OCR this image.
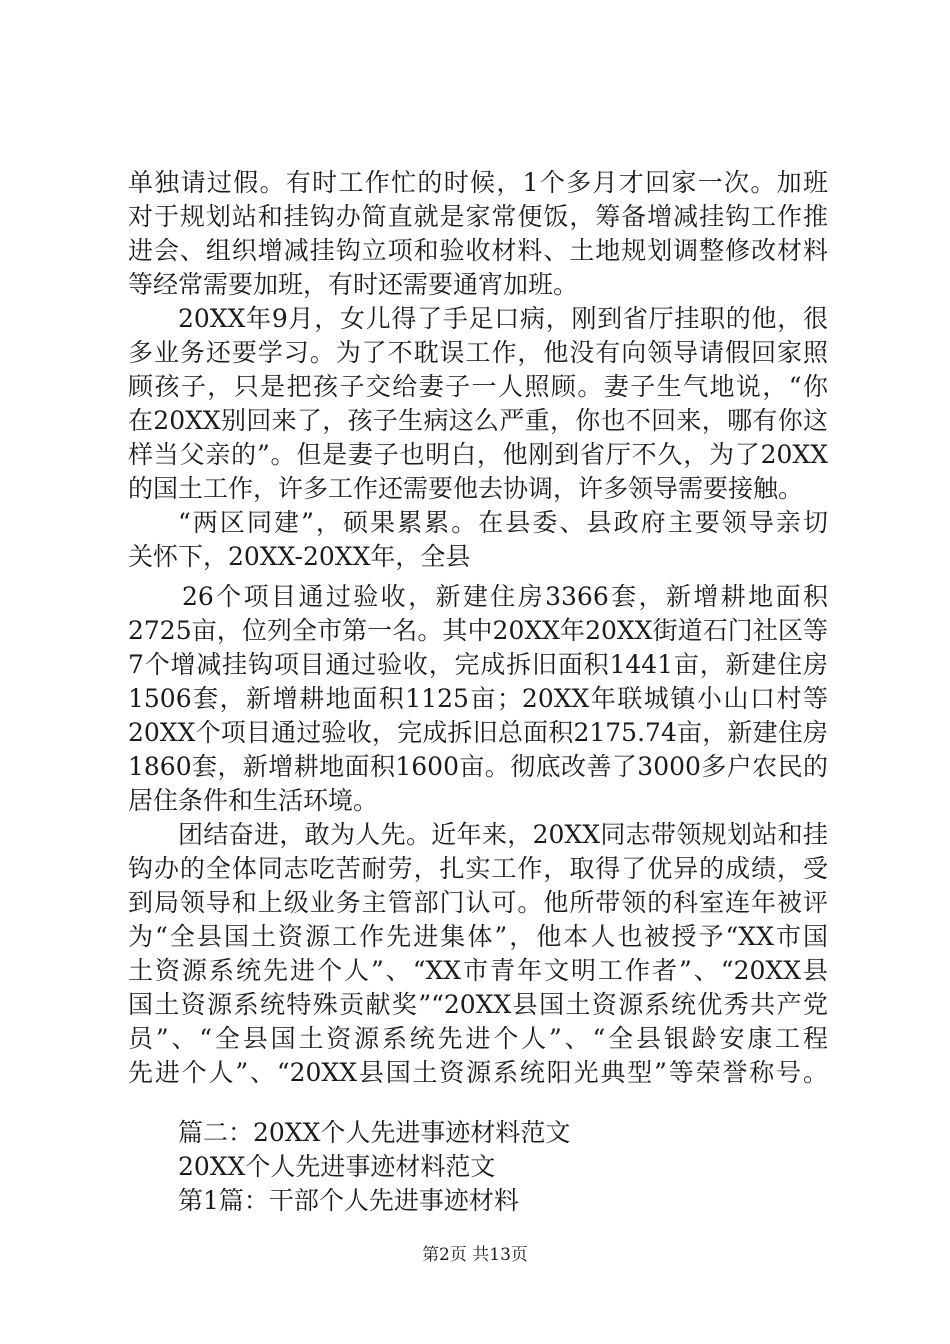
单独请过假。有时工作忙的时候，1个多月才回家一次。加班
对于规划站和挂钩办简直就是家常便饭，筹备增减挂钩工作推
进会、组织增减挂钩立项和验收材料、土地规划调整修改材料
等经常需要加班，有时还需要通宵加班。
20XX年9月，女儿得了手足口病，刚到省厅挂职的他，很
多业务还要学习。为了不耽误工作，他没有向领导请假回家照
顾孩子，只是把孩子交给妻子一人照顾。妻子生气地说，“你
在20XX别回来了，孩子生病这么严重，你也不回来，哪有你这
样当父亲的”。但是妻子也明白，他刚到省厅不久，为了20XX
的国土工作，许多工作还需要他去协调，许多领导需要接触。
“两区同建”，硕果累累。在县委、县政府主要领导亲切
关怀下，20XX-20XX年，全县
26个项目通过验收，新建住房3366套，新增耕地面积
2725亩，位列全市第一名。其中20XX年20XX街道石门社区等
7个增减挂钩项目通过验收，完成拆旧面积1441亩，新建住房
1506套，新增耕地面积1125亩；20XX年联城镇小山口村等
20XX个项目通过验收，完成拆旧总面积2175.74亩，新建住房
1860套，新增耕地面积1600亩。彻底改善了3000多户农民的
居住条件和生活环境。
团结奋进，敢为人先。近年来，20XX同志带领规划站和挂
钩办的全体同志吃苦耐劳，扎实工作，取得了优异的成绩，受
到局领导和上级业务主管部门认可。他所带领的科室连年被评
为“全县国土资源工作先进集体”，他本人也被授予“XX市国
土资源系统先进个人”、“XX市青年文明工作者”、“20XX县
国土资源系统特殊贡献奖”“20XX县国土资源系统优秀共产党
员”、“全县国土资源系统先进个人”、“全县银龄安康工程
先进个人”、“20XX县国土资源系统阳光典型”等荣誉称号。
篇二：20XX个人先进事迹材料范文
20XX个人先进事迹材料范文
第1篇：干部个人先进事迹材料
第2页 共13页
